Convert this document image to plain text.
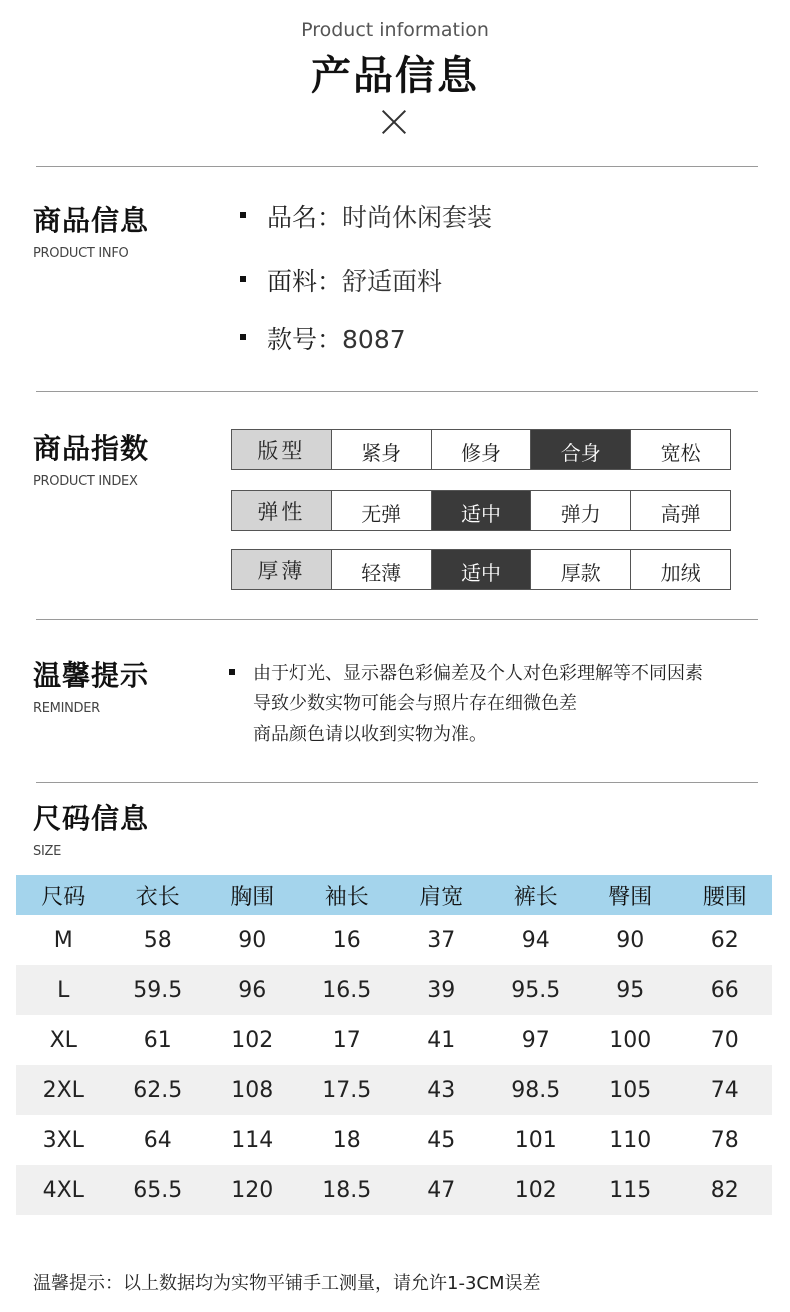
Product information
产品信息
商品信息
PRODUCT INFO
品名：时尚休闲套装
面料：舒适面料
款号：8087
商品指数
PRODUCT INDEX
版型	紧身	修身	合身	宽松
弹性	无弹	适中	弹力	高弹
厚薄	轻薄	适中	厚款	加绒
温馨提示
REMINDER
由于灯光、显示器色彩偏差及个人对色彩理解等不同因素
导致少数实物可能会与照片存在细微色差
商品颜色请以收到实物为准。
尺码信息
SIZE
尺码	衣长	胸围	袖长	肩宽	裤长	臀围	腰围
M	58	90	16	37	94	90	62
L	59.5	96	16.5	39	95.5	95	66
XL	61	102	17	41	97	100	70
2XL	62.5	108	17.5	43	98.5	105	74
3XL	64	114	18	45	101	110	78
4XL	65.5	120	18.5	47	102	115	82
温馨提示：以上数据均为实物平铺手工测量，请允许1-3CM误差
